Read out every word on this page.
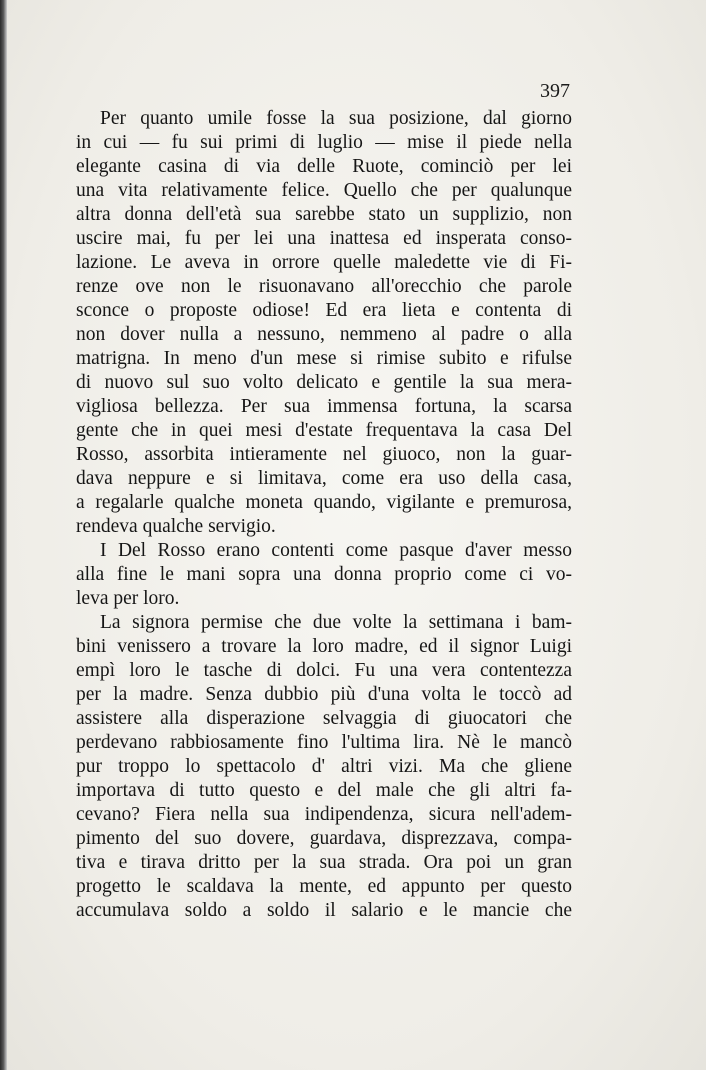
397

Per quanto umile fosse la sua posizione, dal giorno
in cui — fu sui primi di luglio — mise il piede nella
elegante casina di via delle Ruote, cominciò per lei
una vita relativamente felice. Quello che per qualunque
altra donna dell'età sua sarebbe stato un supplizio, non
uscire mai, fu per lei una inattesa ed insperata conso-
lazione. Le aveva in orrore quelle maledette vie di Fi-
renze ove non le risuonavano all'orecchio che parole
sconce o proposte odiose! Ed era lieta e contenta di
non dover nulla a nessuno, nemmeno al padre o alla
matrigna. In meno d'un mese si rimise subito e rifulse
di nuovo sul suo volto delicato e gentile la sua mera-
vigliosa bellezza. Per sua immensa fortuna, la scarsa
gente che in quei mesi d'estate frequentava la casa Del
Rosso, assorbita intieramente nel giuoco, non la guar-
dava neppure e si limitava, come era uso della casa,
a regalarle qualche moneta quando, vigilante e premurosa,
rendeva qualche servigio.
I Del Rosso erano contenti come pasque d'aver messo
alla fine le mani sopra una donna proprio come ci vo-
leva per loro.
La signora permise che due volte la settimana i bam-
bini venissero a trovare la loro madre, ed il signor Luigi
empì loro le tasche di dolci. Fu una vera contentezza
per la madre. Senza dubbio più d'una volta le toccò ad
assistere alla disperazione selvaggia di giuocatori che
perdevano rabbiosamente fino l'ultima lira. Nè le mancò
pur troppo lo spettacolo d' altri vizi. Ma che gliene
importava di tutto questo e del male che gli altri fa-
cevano? Fiera nella sua indipendenza, sicura nell'adem-
pimento del suo dovere, guardava, disprezzava, compa-
tiva e tirava dritto per la sua strada. Ora poi un gran
progetto le scaldava la mente, ed appunto per questo
accumulava soldo a soldo il salario e le mancie che
